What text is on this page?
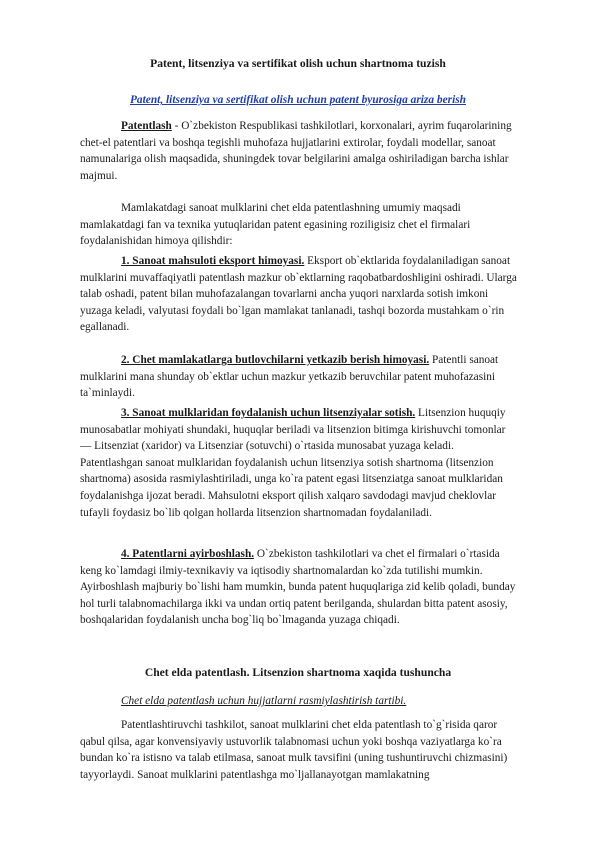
Patent, litsenziya va sertifikat olish uchun shartnoma tuzish
Patent, litsenziya va sertifikat olish uchun patent byurosiga ariza berish

Patentlash - O`zbekiston Respublikasi tashkilotlari, korxonalari, ayrim fuqarolarining chet-el patentlari va boshqa tegishli muhofaza hujjatlarini extirolar, foydali modellar, sanoat namunalariga olish maqsadida, shuningdek tovar belgilarini amalga oshiriladigan barcha ishlar majmui.

Mamlakatdagi sanoat mulklarini chet elda patentlashning umumiy maqsadi mamlakatdagi fan va texnika yutuqlaridan patent egasining roziligisiz chet el firmalari foydalanishidan himoya qilishdir:

1. Sanoat mahsuloti eksport himoyasi. Eksport ob`ektlarida foydalaniladigan sanoat mulklarini muvaffaqiyatli patentlash mazkur ob`ektlarning raqobatbardoshligini oshiradi. Ularga talab oshadi, patent bilan muhofazalangan tovarlarni ancha yuqori narxlarda sotish imkoni yuzaga keladi, valyutasi foydali bo`lgan mamlakat tanlanadi, tashqi bozorda mustahkam o`rin egallanadi.

2. Chet mamlakatlarga butlovchilarni yetkazib berish himoyasi. Patentli sanoat mulklarini mana shunday ob`ektlar uchun mazkur yetkazib beruvchilar patent muhofazasini ta`minlaydi.

3. Sanoat mulklaridan foydalanish uchun litsenziyalar sotish. Litsenzion huquqiy munosabatlar mohiyati shundaki, huquqlar beriladi va litsenzion bitimga kirishuvchi tomonlar — Litsenziat (xaridor) va Litsenziar (sotuvchi) o`rtasida munosabat yuzaga keladi. Patentlashgan sanoat mulklaridan foydalanish uchun litsenziya sotish shartnoma (litsenzion shartnoma) asosida rasmiylashtiriladi, unga ko`ra patent egasi litsenziatga sanoat mulklaridan foydalanishga ijozat beradi. Mahsulotni eksport qilish xalqaro savdodagi mavjud cheklovlar tufayli foydasiz bo`lib qolgan hollarda litsenzion shartnomadan foydalaniladi.

4. Patentlarni ayirboshlash. O`zbekiston tashkilotlari va chet el firmalari o`rtasida keng ko`lamdagi ilmiy-texnikaviy va iqtisodiy shartnomalardan ko`zda tutilishi mumkin. Ayirboshlash majburiy bo`lishi ham mumkin, bunda patent huquqlariga zid kelib qoladi, bunday hol turli talabnomachilarga ikki va undan ortiq patent berilganda, shulardan bitta patent asosiy, boshqalaridan foydalanish uncha bog`liq bo`lmaganda yuzaga chiqadi.

Chet elda patentlash. Litsenzion shartnoma xaqida tushuncha
Chet elda patentlash uchun hujjatlarni rasmiylashtirish tartibi.

Patentlashtiruvchi tashkilot, sanoat mulklarini chet elda patentlash to`g`risida qaror qabul qilsa, agar konvensiyaviy ustuvorlik talabnomasi uchun yoki boshqa vaziyatlarga ko`ra bundan ko`ra istisno va talab etilmasa, sanoat mulk tavsifini (uning tushuntiruvchi chizmasini) tayyorlaydi. Sanoat mulklarini patentlashga mo`ljallanayotgan mamlakatning
